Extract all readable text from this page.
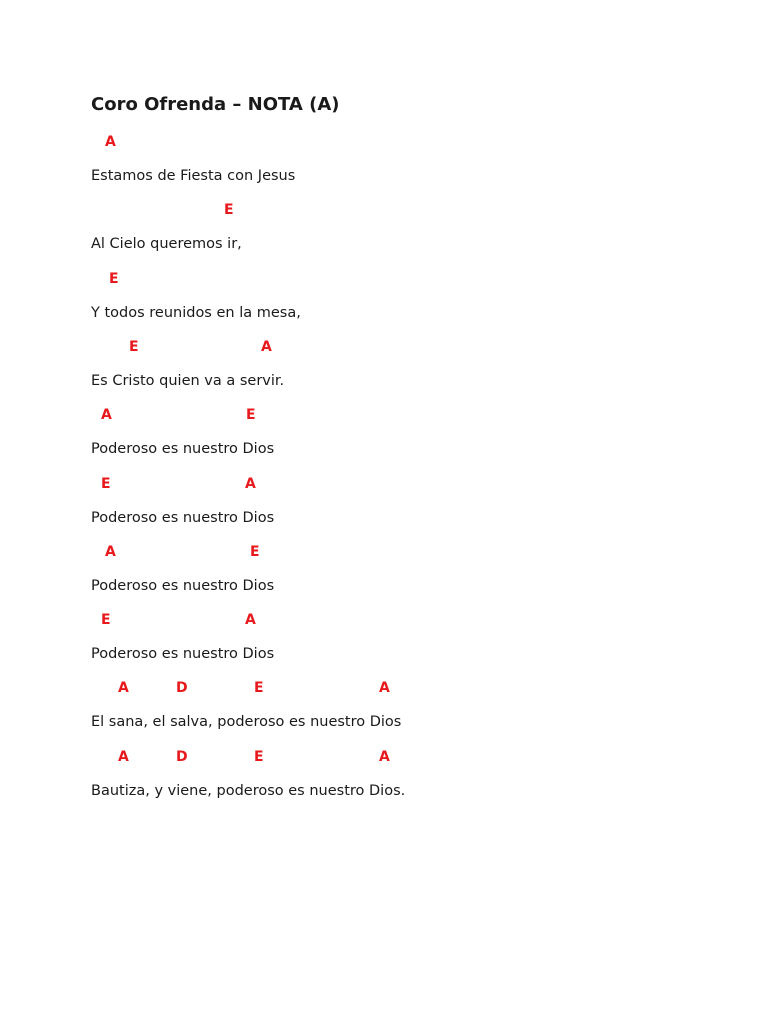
Coro Ofrenda – NOTA (A)
A
Estamos de Fiesta con Jesus
E
Al Cielo queremos ir,
E
Y todos reunidos en la mesa,
E	A
Es Cristo quien va a servir.
A	E
Poderoso es nuestro Dios
E	A
Poderoso es nuestro Dios
A	E
Poderoso es nuestro Dios
E	A
Poderoso es nuestro Dios
A	D	E	A
El sana, el salva, poderoso es nuestro Dios
A	D	E	A
Bautiza, y viene, poderoso es nuestro Dios.
